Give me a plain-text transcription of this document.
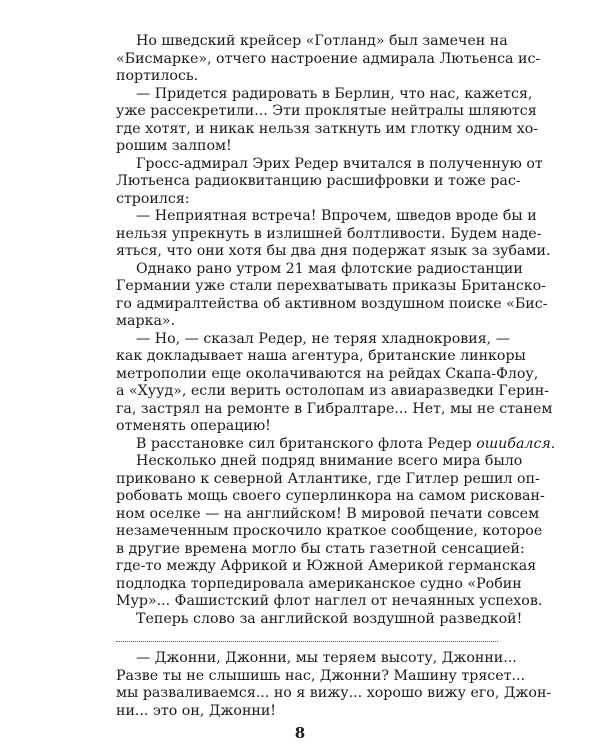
Но шведский крейсер «Готланд» был замечен на
«Бисмарке», отчего настроение адмирала Лютьенса ис-
портилось.
— Придется радировать в Берлин, что нас, кажется,
уже рассекретили... Эти проклятые нейтралы шляются
где хотят, и никак нельзя заткнуть им глотку одним хо-
рошим залпом!
Гросс-адмирал Эрих Редер вчитался в полученную от
Лютьенса радиоквитанцию расшифровки и тоже рас-
строился:
— Неприятная встреча! Впрочем, шведов вроде бы и
нельзя упрекнуть в излишней болтливости. Будем наде-
яться, что они хотя бы два дня подержат язык за зубами.
Однако рано утром 21 мая флотские радиостанции
Германии уже стали перехватывать приказы Британско-
го адмиралтейства об активном воздушном поиске «Бис-
марка».
— Но, — сказал Редер, не теряя хладнокровия, —
как докладывает наша агентура, британские линкоры
метрополии еще околачиваются на рейдах Скапа-Флоу,
а «Хууд», если верить остолопам из авиаразведки Герин-
га, застрял на ремонте в Гибралтаре... Нет, мы не станем
отменять операцию!
В расстановке сил британского флота Редер ошибался.
Несколько дней подряд внимание всего мира было
приковано к северной Атлантике, где Гитлер решил оп-
робовать мощь своего суперлинкора на самом рискован-
ном оселке — на английском! В мировой печати совсем
незамеченным проскочило краткое сообщение, которое
в другие времена могло бы стать газетной сенсацией:
где-то между Африкой и Южной Америкой германская
подлодка торпедировала американское судно «Робин
Мур»... Фашистский флот наглел от нечаянных успехов.
Теперь слово за английской воздушной разведкой!
— Джонни, Джонни, мы теряем высоту, Джонни...
Разве ты не слышишь нас, Джонни? Машину трясет...
мы разваливаемся... но я вижу... хорошо вижу его, Джон-
ни... это он, Джонни!
8
